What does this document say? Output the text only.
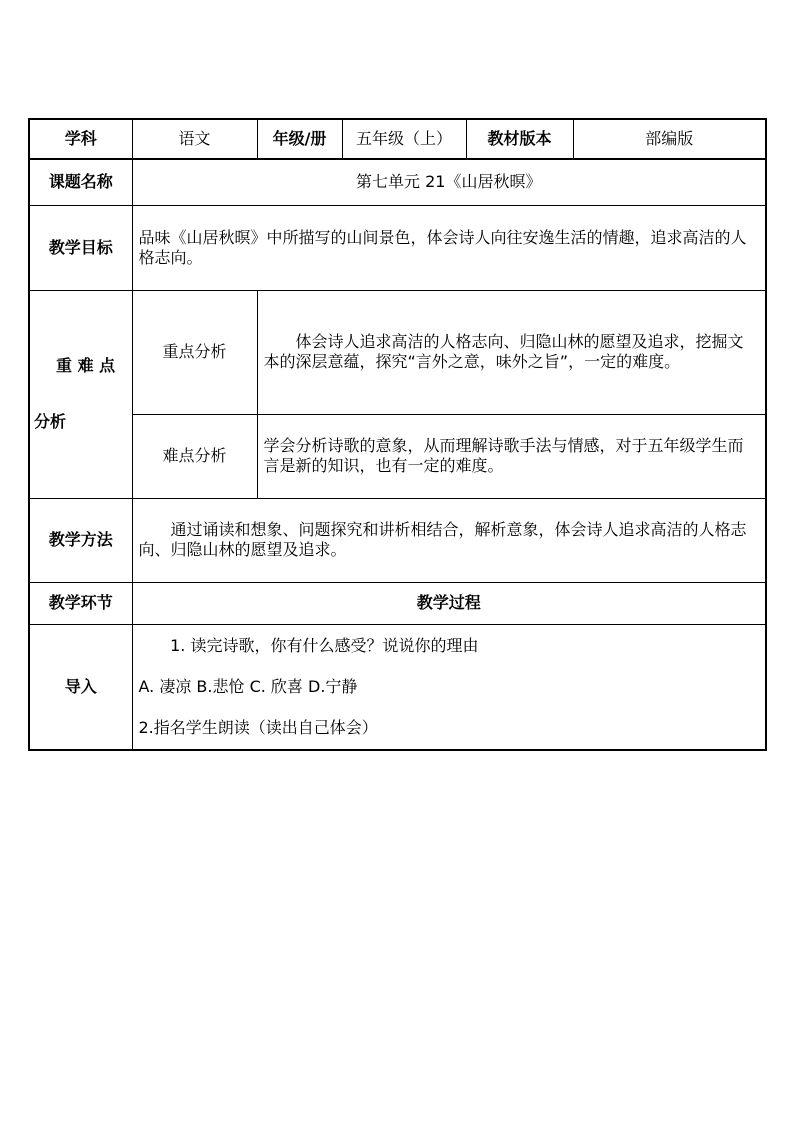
学科	语文	年级/册	五年级（上）	教材版本	部编版
课题名称	第七单元 21《山居秋暝》				
教学目标	品味《山居秋暝》中所描写的山间景色，体会诗人向往安逸生活的情趣，追求高洁的人格志向。				

重 难 点
分析	重点分析	体会诗人追求高洁的人格志向、归隐山林的愿望及追求，挖掘文本的深层意蕴，探究“言外之意，味外之旨”，一定的难度。			
	难点分析	学会分析诗歌的意象，从而理解诗歌手法与情感，对于五年级学生而言是新的知识，也有一定的难度。			
教学方法	通过诵读和想象、问题探究和讲析相结合，解析意象，体会诗人追求高洁的人格志向、归隐山林的愿望及追求。				
教学环节	教学过程				
导入	1. 读完诗歌，你有什么感受？说说你的理由
A. 凄凉 B.悲怆 C. 欣喜 D.宁静
2.指名学生朗读（读出自己体会）				
